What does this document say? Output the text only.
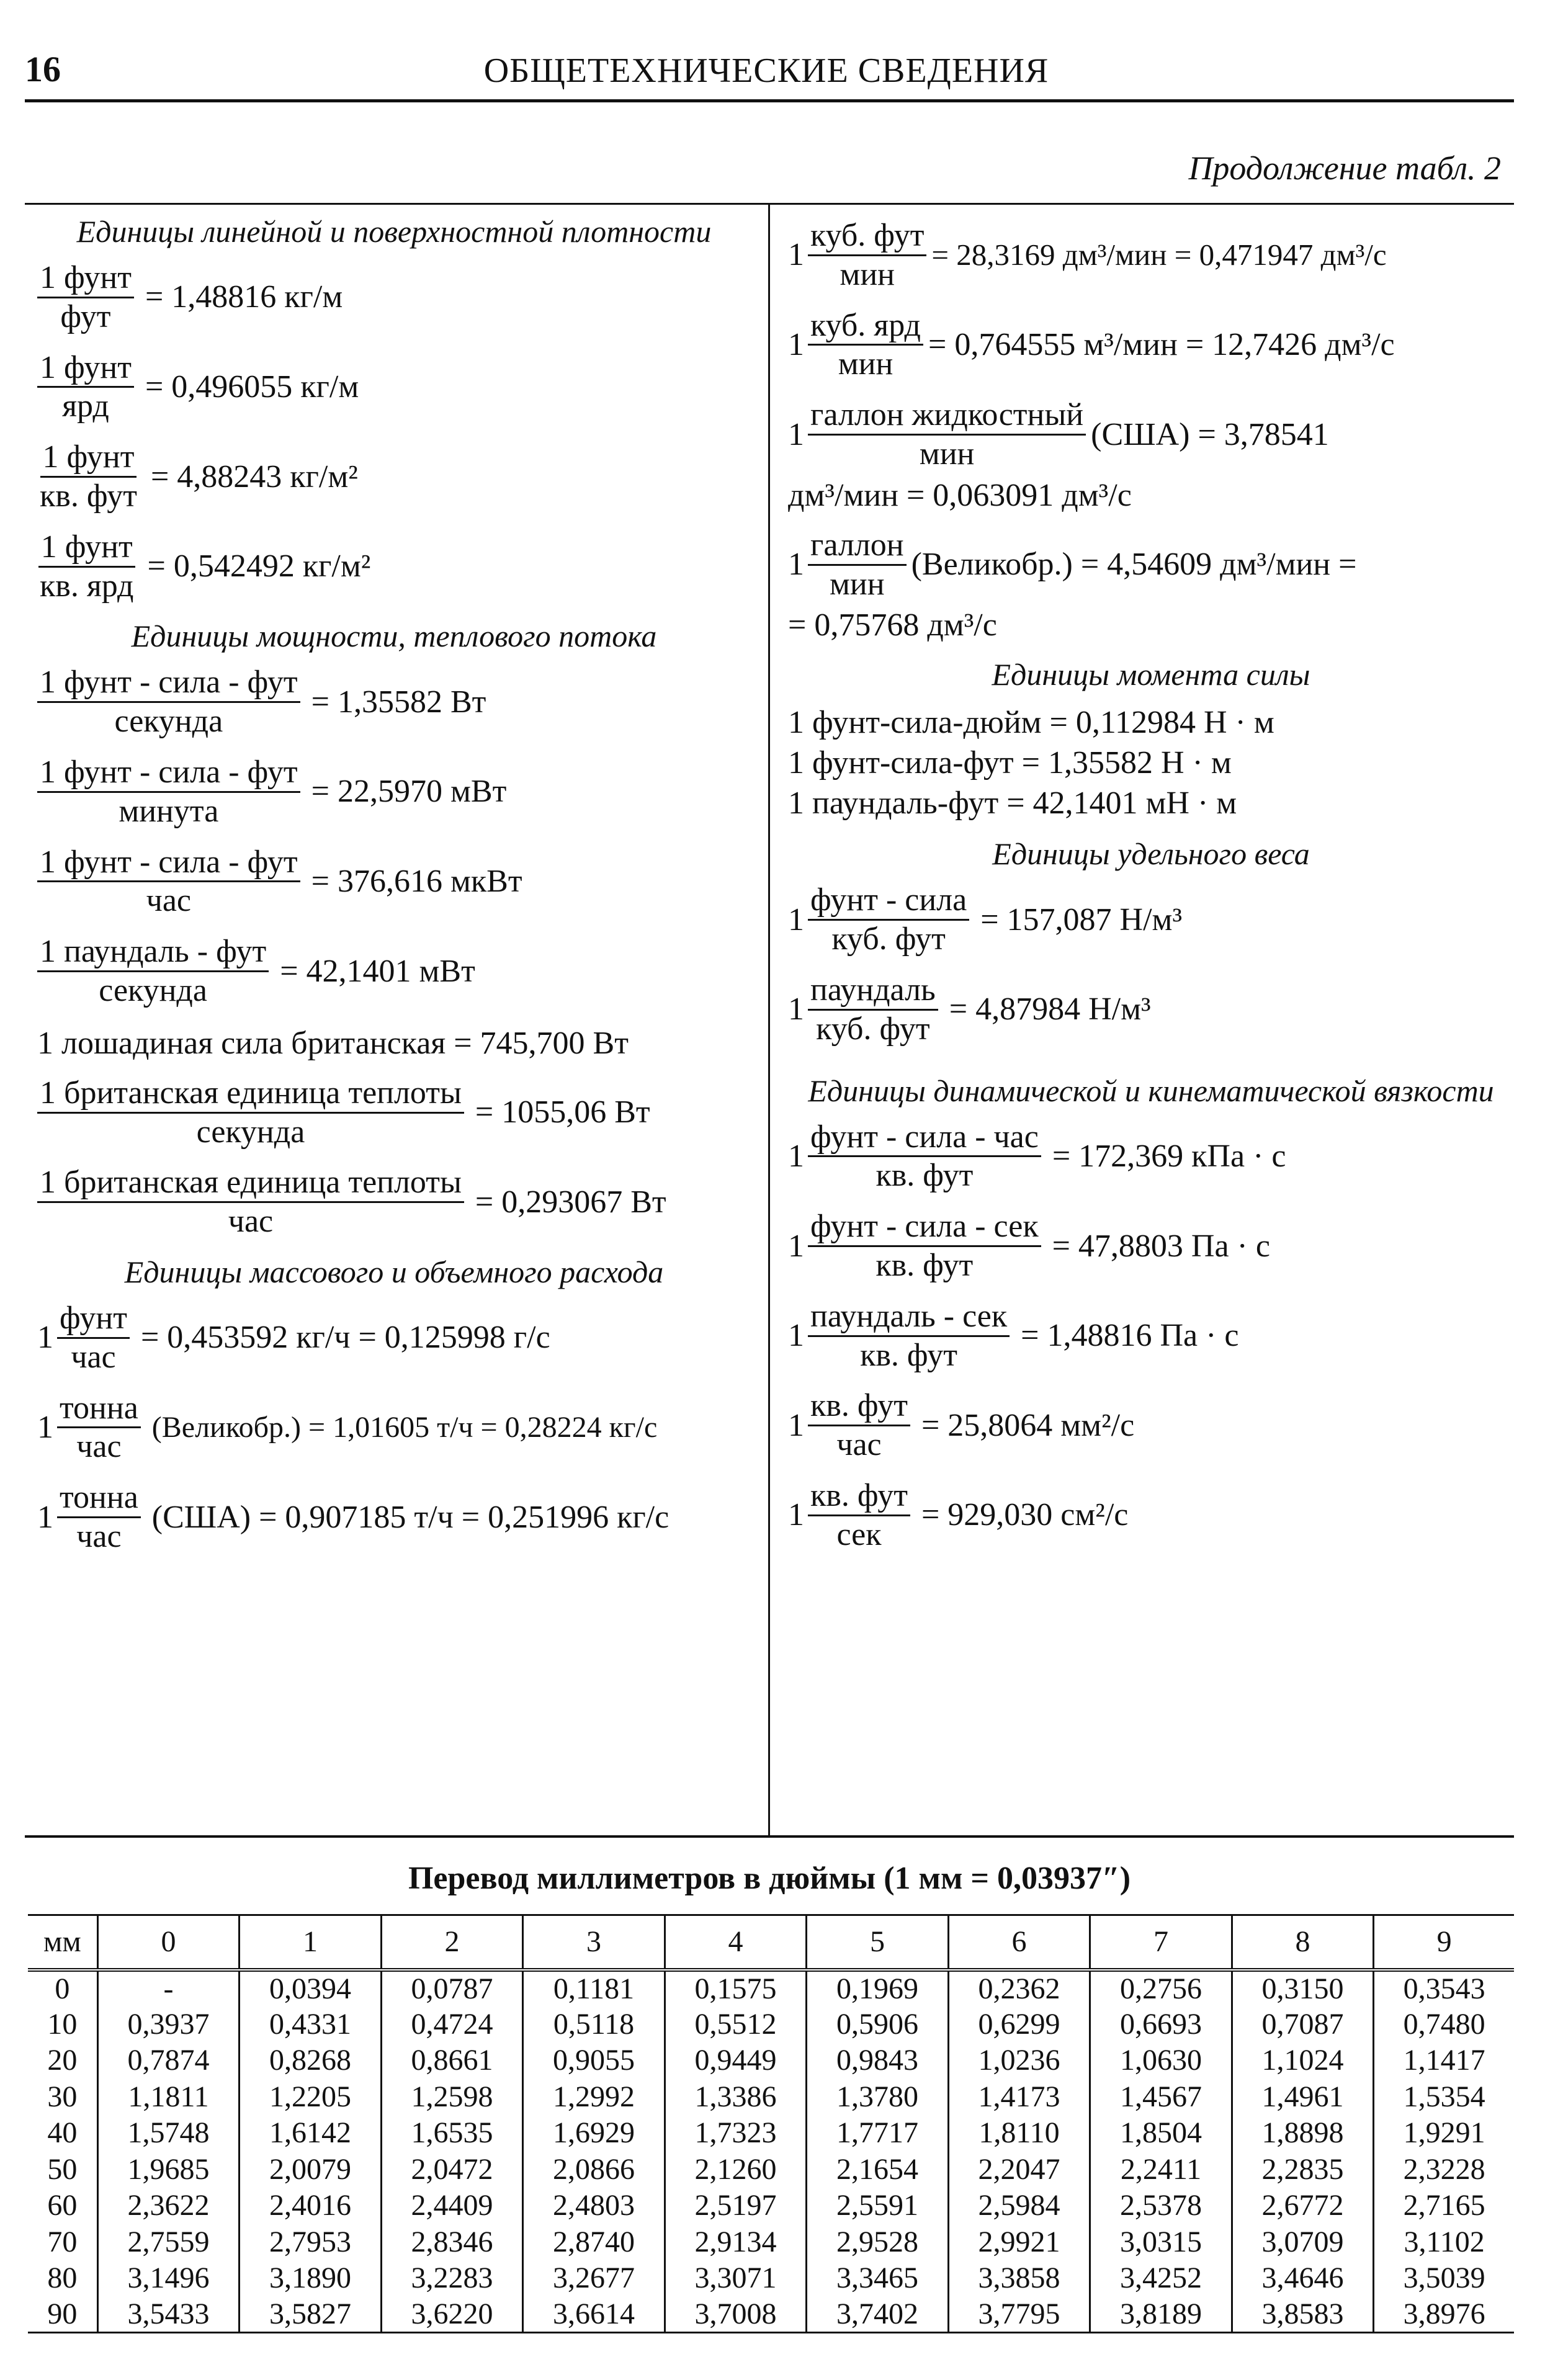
16	ОБЩЕТЕХНИЧЕСКИЕ СВЕДЕНИЯ
Продолжение табл. 2
Единицы линейной и поверхностной плотности
$\frac{\text{1 фунт}}{\text{фут}} = 1,48816$ кг/м
$\frac{\text{1 фунт}}{\text{ярд}} = 0,496055$ кг/м
$\frac{\text{1 фунт}}{\text{кв. фут}} = 4,88243$ кг/м²
$\frac{\text{1 фунт}}{\text{кв. ярд}} = 0,542492$ кг/м²
Единицы мощности, теплового потока
$\frac{\text{1 фунт - сила - фут}}{\text{секунда}} = 1,35582$ Вт
$\frac{\text{1 фунт - сила - фут}}{\text{минута}} = 22,5970$ мВт
$\frac{\text{1 фунт - сила - фут}}{\text{час}} = 376,616$ мкВт
$\frac{\text{1 паундаль - фут}}{\text{секунда}} = 42,1401$ мВт
1 лошадиная сила британская = 745,700 Вт
$\frac{\text{1 британская единица теплоты}}{\text{секунда}} = 1055,06$ Вт
$\frac{\text{1 британская единица теплоты}}{\text{час}} = 0,293067$ Вт
Единицы массового и объемного расхода
$1 \frac{\text{фунт}}{\text{час}} = 0,453592$ кг/ч = 0,125998 г/с
$1 \frac{\text{тонна}}{\text{час}}$ (Великобр.) = 1,01605 т/ч = 0,28224 кг/с
$1 \frac{\text{тонна}}{\text{час}} (США) = 0,907185$ т/ч = 0,251996 кг/с
$1 \frac{\text{куб. фут}}{\text{мин}} = 28,3169$ дм³/мин = 0,471947 дм³/с
$1 \frac{\text{куб. ярд}}{\text{мин}} = 0,764555$ м³/мин = 12,7426 дм³/с
$1 \frac{\text{галлон жидкостный}}{\text{мин}} (США) = 3,78541$
дм³/мин = 0,063091 дм³/с
$1 \frac{\text{галлон}}{\text{мин}}$ (Великобр.) = 4,54609 дм³/мин =
= 0,75768 дм³/с
Единицы момента силы
1 фунт-сила-дюйм = 0,112984 Н · м
1 фунт-сила-фут = 1,35582 Н · м
1 паундаль-фут = 42,1401 мН · м
Единицы удельного веса
$1 \frac{\text{фунт - сила}}{\text{куб. фут}} = 157,087$ Н/м³
$1 \frac{\text{паундаль}}{\text{куб. фут}} = 4,87984$ Н/м³
Единицы динамической и кинематической вязкости
$1 \frac{\text{фунт - сила - час}}{\text{кв. фут}} = 172,369$ кПа · с
$1 \frac{\text{фунт - сила - сек}}{\text{кв. фут}} = 47,8803$ Па · с
$1 \frac{\text{паундаль - сек}}{\text{кв. фут}} = 1,48816$ Па · с
$1 \frac{\text{кв. фут}}{\text{час}} = 25,8064$ мм²/с
$1 \frac{\text{кв. фут}}{\text{сек}} = 929,030$ см²/с
Перевод миллиметров в дюймы (1 мм = 0,03937″)
мм	0	1	2	3	4	5	6	7	8	9
0	-	0,0394	0,0787	0,1181	0,1575	0,1969	0,2362	0,2756	0,3150	0,3543
10	0,3937	0,4331	0,4724	0,5118	0,5512	0,5906	0,6299	0,6693	0,7087	0,7480
20	0,7874	0,8268	0,8661	0,9055	0,9449	0,9843	1,0236	1,0630	1,1024	1,1417
30	1,1811	1,2205	1,2598	1,2992	1,3386	1,3780	1,4173	1,4567	1,4961	1,5354
40	1,5748	1,6142	1,6535	1,6929	1,7323	1,7717	1,8110	1,8504	1,8898	1,9291
50	1,9685	2,0079	2,0472	2,0866	2,1260	2,1654	2,2047	2,2411	2,2835	2,3228
60	2,3622	2,4016	2,4409	2,4803	2,5197	2,5591	2,5984	2,5378	2,6772	2,7165
70	2,7559	2,7953	2,8346	2,8740	2,9134	2,9528	2,9921	3,0315	3,0709	3,1102
80	3,1496	3,1890	3,2283	3,2677	3,3071	3,3465	3,3858	3,4252	3,4646	3,5039
90	3,5433	3,5827	3,6220	3,6614	3,7008	3,7402	3,7795	3,8189	3,8583	3,8976
